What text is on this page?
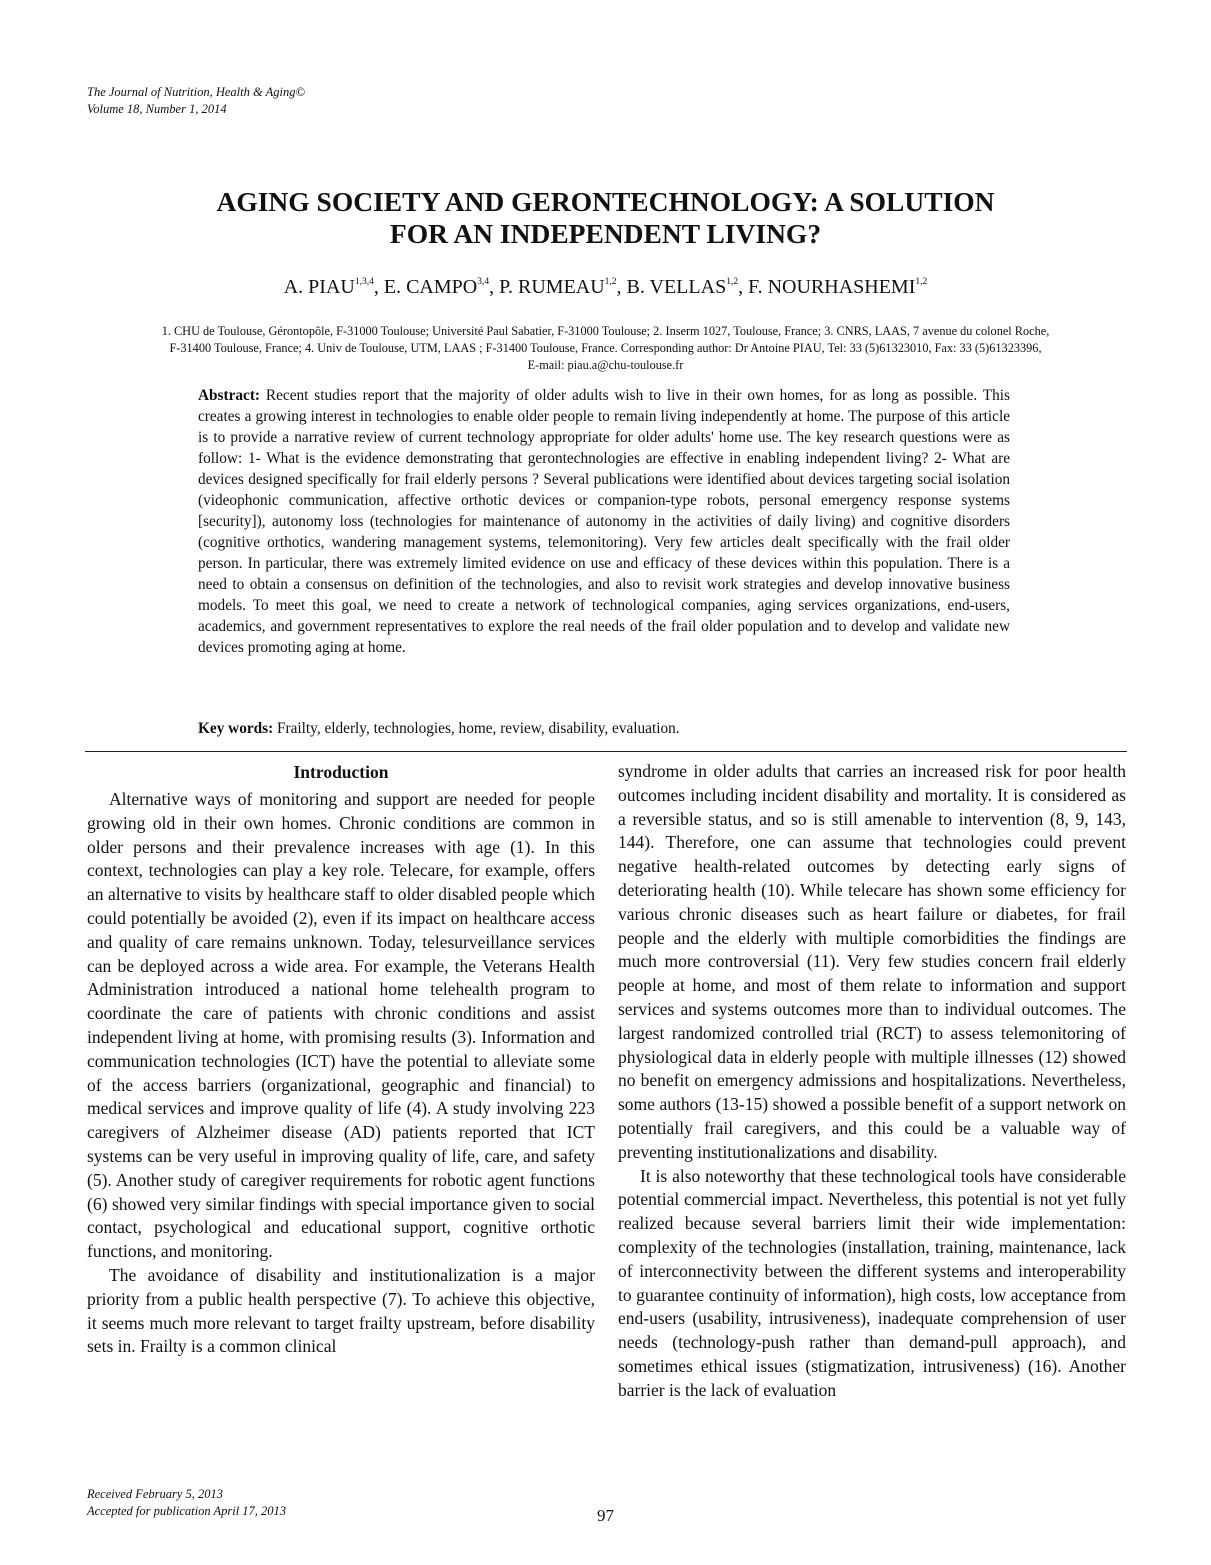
The Journal of Nutrition, Health & Aging©
Volume 18, Number 1, 2014
AGING SOCIETY AND GERONTECHNOLOGY: A SOLUTION
FOR AN INDEPENDENT LIVING?
A. PIAU$^{1,3,4}$, E. CAMPO$^{3,4}$, P. RUMEAU$^{1,2}$, B. VELLAS$^{1,2}$, F. NOURHASHEMI$^{1,2}$
1. CHU de Toulouse, Gérontopôle, F-31000 Toulouse; Université Paul Sabatier, F-31000 Toulouse; 2. Inserm 1027, Toulouse, France; 3. CNRS, LAAS, 7 avenue du colonel Roche,
F-31400 Toulouse, France; 4. Univ de Toulouse, UTM, LAAS ; F-31400 Toulouse, France. Corresponding author: Dr Antoine PIAU, Tel: 33 (5)61323010, Fax: 33 (5)61323396,
E-mail: piau.a@chu-toulouse.fr
Abstract: Recent studies report that the majority of older adults wish to live in their own homes, for as long as possible. This creates a growing interest in technologies to enable older people to remain living independently at home. The purpose of this article is to provide a narrative review of current technology appropriate for older adults' home use. The key research questions were as follow: 1- What is the evidence demonstrating that gerontechnologies are effective in enabling independent living? 2- What are devices designed specifically for frail elderly persons ? Several publications were identified about devices targeting social isolation (videophonic communication, affective orthotic devices or companion-type robots, personal emergency response systems [security]), autonomy loss (technologies for maintenance of autonomy in the activities of daily living) and cognitive disorders (cognitive orthotics, wandering management systems, telemonitoring). Very few articles dealt specifically with the frail older person. In particular, there was extremely limited evidence on use and efficacy of these devices within this population. There is a need to obtain a consensus on definition of the technologies, and also to revisit work strategies and develop innovative business models. To meet this goal, we need to create a network of technological companies, aging services organizations, end-users, academics, and government representatives to explore the real needs of the frail older population and to develop and validate new devices promoting aging at home.
Key words: Frailty, elderly, technologies, home, review, disability, evaluation.
Introduction

Alternative ways of monitoring and support are needed for people growing old in their own homes. Chronic conditions are common in older persons and their prevalence increases with age (1). In this context, technologies can play a key role. Telecare, for example, offers an alternative to visits by healthcare staff to older disabled people which could potentially be avoided (2), even if its impact on healthcare access and quality of care remains unknown. Today, telesurveillance services can be deployed across a wide area. For example, the Veterans Health Administration introduced a national home telehealth program to coordinate the care of patients with chronic conditions and assist independent living at home, with promising results (3). Information and communication technologies (ICT) have the potential to alleviate some of the access barriers (organizational, geographic and financial) to medical services and improve quality of life (4). A study involving 223 caregivers of Alzheimer disease (AD) patients reported that ICT systems can be very useful in improving quality of life, care, and safety (5). Another study of caregiver requirements for robotic agent functions (6) showed very similar findings with special importance given to social contact, psychological and educational support, cognitive orthotic functions, and monitoring.

The avoidance of disability and institutionalization is a major priority from a public health perspective (7). To achieve this objective, it seems much more relevant to target frailty upstream, before disability sets in. Frailty is a common clinical

syndrome in older adults that carries an increased risk for poor health outcomes including incident disability and mortality. It is considered as a reversible status, and so is still amenable to intervention (8, 9, 143, 144). Therefore, one can assume that technologies could prevent negative health-related outcomes by detecting early signs of deteriorating health (10). While telecare has shown some efficiency for various chronic diseases such as heart failure or diabetes, for frail people and the elderly with multiple comorbidities the findings are much more controversial (11). Very few studies concern frail elderly people at home, and most of them relate to information and support services and systems outcomes more than to individual outcomes. The largest randomized controlled trial (RCT) to assess telemonitoring of physiological data in elderly people with multiple illnesses (12) showed no benefit on emergency admissions and hospitalizations. Nevertheless, some authors (13-15) showed a possible benefit of a support network on potentially frail caregivers, and this could be a valuable way of preventing institutionalizations and disability.

It is also noteworthy that these technological tools have considerable potential commercial impact. Nevertheless, this potential is not yet fully realized because several barriers limit their wide implementation: complexity of the technologies (installation, training, maintenance, lack of interconnectivity between the different systems and interoperability to guarantee continuity of information), high costs, low acceptance from end-users (usability, intrusiveness), inadequate comprehension of user needs (technology-push rather than demand-pull approach), and sometimes ethical issues (stigmatization, intrusiveness) (16). Another barrier is the lack of evaluation

Received February 5, 2013
Accepted for publication April 17, 2013	97
